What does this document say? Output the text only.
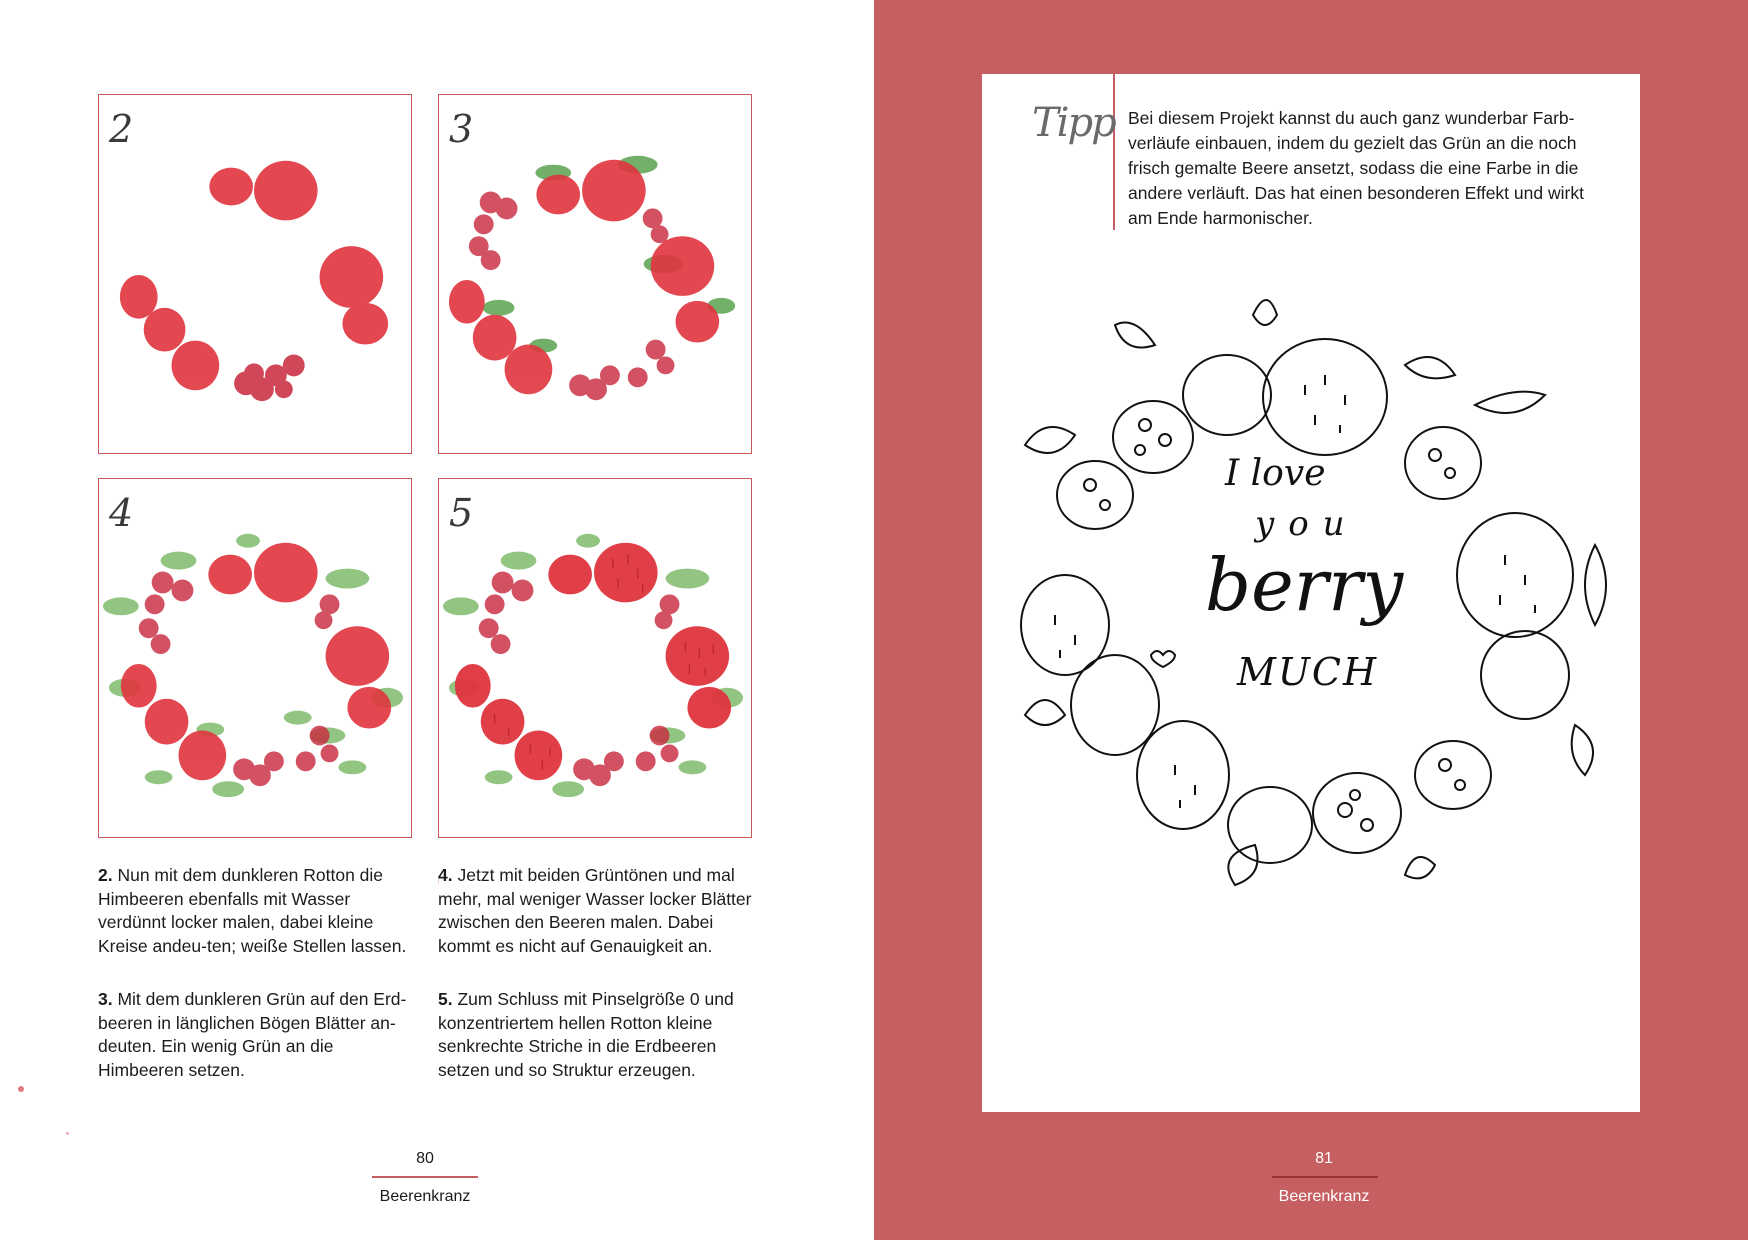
2	3
4	5
2. Nun mit dem dunkleren Rotton die Himbeeren ebenfalls mit Wasser verdünnt locker malen, dabei kleine Kreise andeu-ten; weiße Stellen lassen.
4. Jetzt mit beiden Grüntönen und mal mehr, mal weniger Wasser locker Blätter zwischen den Beeren malen. Dabei kommt es nicht auf Genauigkeit an.
3. Mit dem dunkleren Grün auf den Erd-beeren in länglichen Bögen Blätter an-deuten. Ein wenig Grün an die Himbeeren setzen.
5. Zum Schluss mit Pinselgröße 0 und konzentriertem hellen Rotton kleine senkrechte Striche in die Erdbeeren setzen und so Struktur erzeugen.
80
Beerenkranz
Tipp Bei diesem Projekt kannst du auch ganz wunderbar Farb-verläufe einbauen, indem du gezielt das Grün an die noch frisch gemalte Beere ansetzt, sodass die eine Farbe in die andere verläuft. Das hat einen besonderen Effekt und wirkt am Ende harmonischer.
I love
you
berry
MUCH
81
Beerenkranz
